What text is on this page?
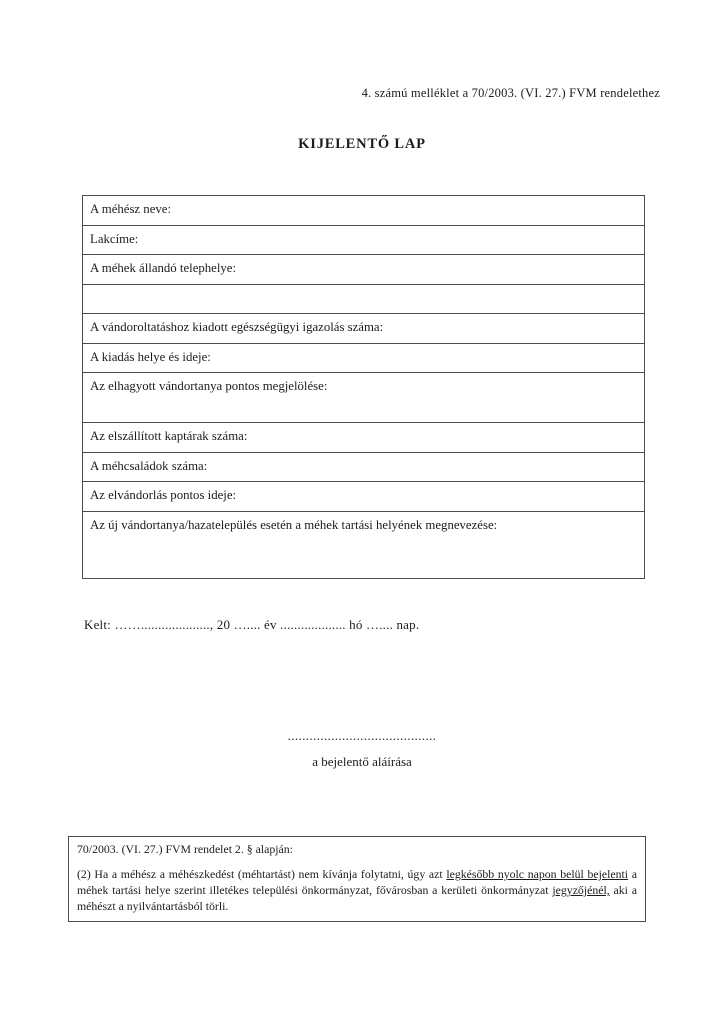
4. számú melléklet a 70/2003. (VI. 27.) FVM rendelethez
KIJELENTŐ LAP
A méhész neve:
Lakcíme:
A méhek állandó telephelye:
A vándoroltatáshoz kiadott egészségügyi igazolás száma:
A kiadás helye és ideje:
Az elhagyott vándortanya pontos megjelölése:
Az elszállított kaptárak száma:
A méhcsaládok száma:
Az elvándorlás pontos ideje:
Az új vándortanya/hazatelepülés esetén a méhek tartási helyének megnevezése:
Kelt: ……...................., 20 ….... év ................... hó ….... nap.
.........................................
a bejelentő aláírása
70/2003. (VI. 27.) FVM rendelet 2. § alapján:
(2) Ha a méhész a méhészkedést (méhtartást) nem kívánja folytatni, úgy azt legkésőbb nyolc napon belül bejelenti a méhek tartási helye szerint illetékes települési önkormányzat, fővárosban a kerületi önkormányzat jegyzőjénél, aki a méhészt a nyilvántartásból törli.
